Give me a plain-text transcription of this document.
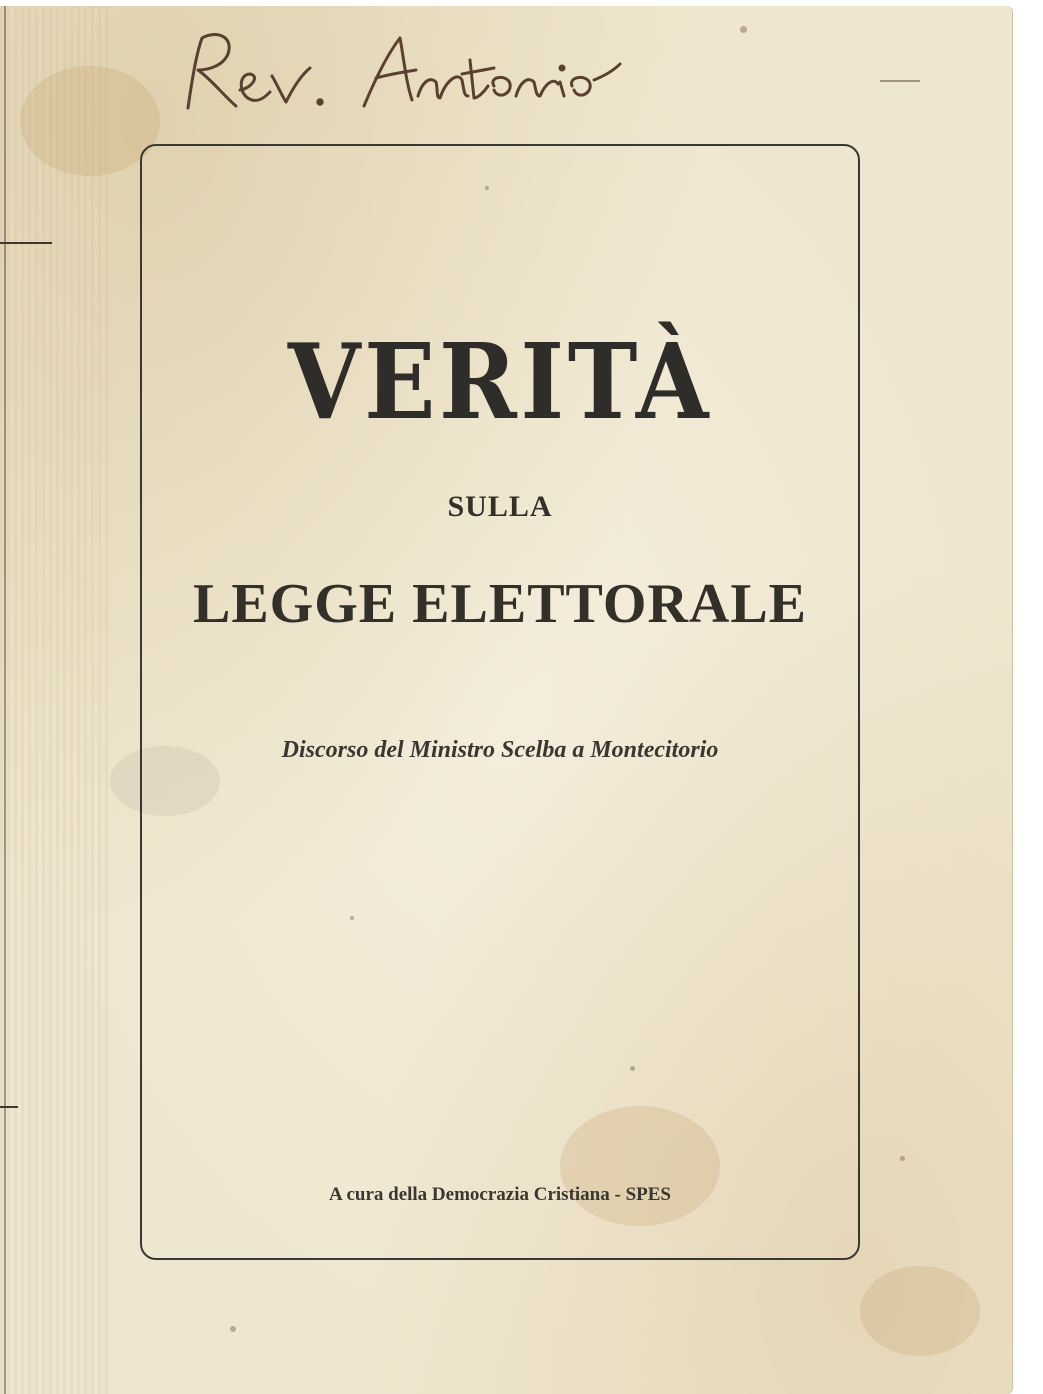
VERITÀ
SULLA
LEGGE ELETTORALE
Discorso del Ministro Scelba a Montecitorio
A cura della Democrazia Cristiana - SPES
